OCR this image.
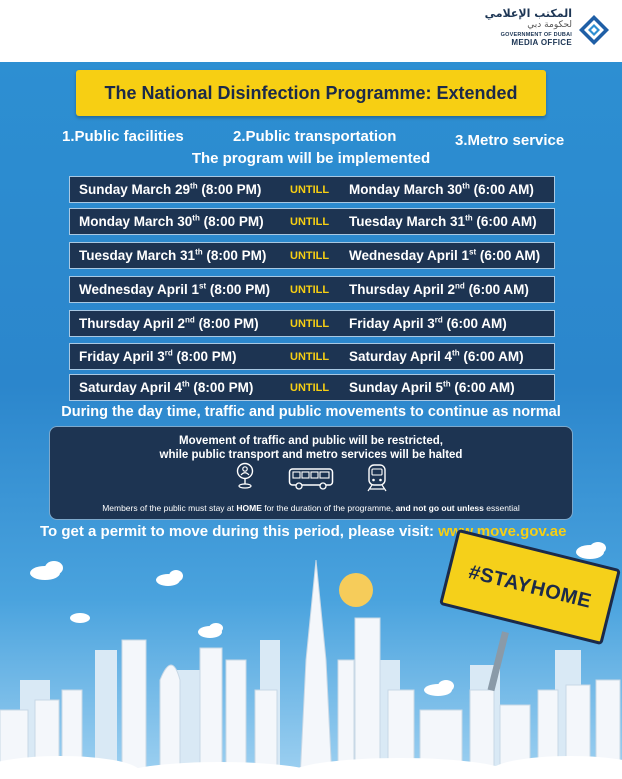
المكتب الإعلامي
لحكومة دبي
GOVERNMENT OF DUBAI
MEDIA OFFICE
The National Disinfection Programme: Extended
1.Public facilities	2.Public transportation	3.Metro service
The program will be implemented
Sunday March 29th (8:00 PM)	UNTILL Monday March 30th (6:00 AM)
Monday March 30th (8:00 PM) UNTILL Tuesday March 31th (6:00 AM)
Tuesday March 31th (8:00 PM) UNTILL Wednesday April 1st (6:00 AM)
Wednesday April 1st (8:00 PM) UNTILL Thursday April 2nd (6:00 AM)
Thursday April 2nd (8:00 PM)	UNTILL Friday April 3rd (6:00 AM)
Friday April 3rd (8:00 PM)	UNTILL Saturday April 4th (6:00 AM)
Saturday April 4th (8:00 PM)	UNTILL Sunday April 5th (6:00 AM)
During the day time, traffic and public movements to continue as normal
Movement of traffic and public will be restricted,
while public transport and metro services will be halted
Members of the public must stay at HOME for the duration of the programme, and not go out unless essential
To get a permit to move during this period, please visit: www.move.gov.ae
#STAYHOME
